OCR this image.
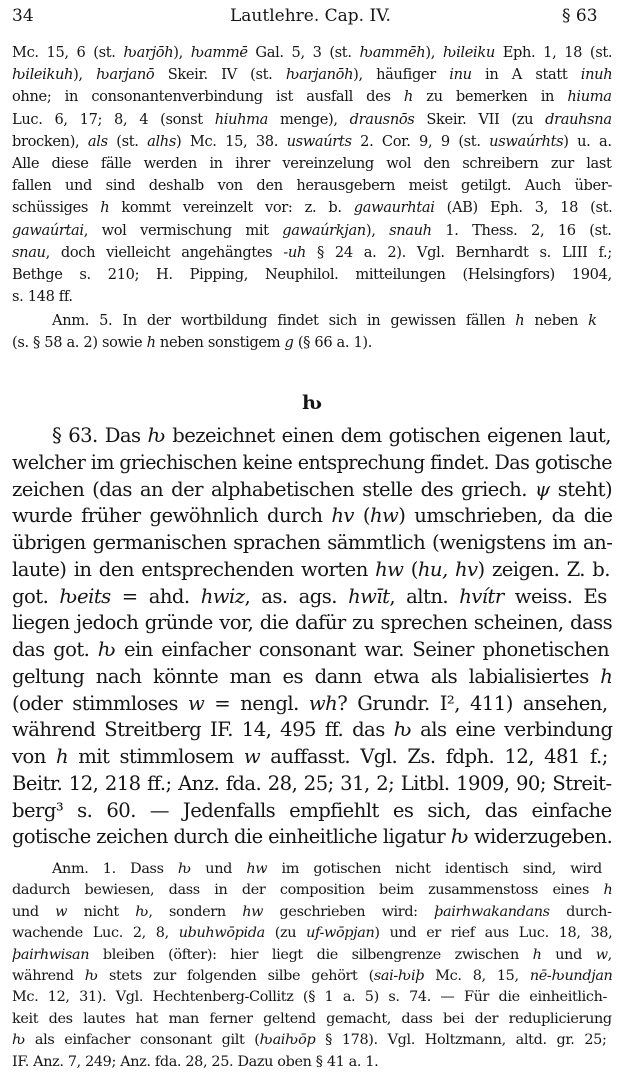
34	Lautlehre. Cap. IV.	§ 63
Mc. 15, 6 (st. ƕarjōh), ƕammē Gal. 5, 3 (st. ƕammēh), ƕileiku Eph. 1, 18 (st.
ƕileikuh), ƕarjanō Skeir. IV (st. ƕarjanōh), häufiger inu in A statt inuh
ohne; in consonantenverbindung ist ausfall des h zu bemerken in hiuma
Luc. 6, 17; 8, 4 (sonst hiuhma menge), drausnōs Skeir. VII (zu drauhsna
brocken), als (st. alhs) Mc. 15, 38. uswaúrts 2. Cor. 9, 9 (st. uswaúrhts) u. a.
Alle diese fälle werden in ihrer vereinzelung wol den schreibern zur last
fallen und sind deshalb von den herausgebern meist getilgt. Auch über-
schüssiges h kommt vereinzelt vor: z. b. gawaurhtai (AB) Eph. 3, 18 (st.
gawaúrtai, wol vermischung mit gawaúrkjan), snauh 1. Thess. 2, 16 (st.
snau, doch vielleicht angehängtes -uh § 24 a. 2). Vgl. Bernhardt s. LIII f.;
Bethge s. 210; H. Pipping, Neuphilol. mitteilungen (Helsingfors) 1904,
s. 148 ff.
Anm. 5. In der wortbildung findet sich in gewissen fällen h neben k
(s. § 58 a. 2) sowie h neben sonstigem g (§ 66 a. 1).
ƕ
§ 63. Das ƕ bezeichnet einen dem gotischen eigenen laut,
welcher im griechischen keine entsprechung findet. Das gotische
zeichen (das an der alphabetischen stelle des griech. ψ steht)
wurde früher gewöhnlich durch hv (hw) umschrieben, da die
übrigen germanischen sprachen sämmtlich (wenigstens im an-
laute) in den entsprechenden worten hw (hu, hv) zeigen. Z. b.
got. ƕeits = ahd. hwiz, as. ags. hwīt, altn. hvítr weiss. Es
liegen jedoch gründe vor, die dafür zu sprechen scheinen, dass
das got. ƕ ein einfacher consonant war. Seiner phonetischen
geltung nach könnte man es dann etwa als labialisiertes h
(oder stimmloses w = nengl. wh? Grundr. I², 411) ansehen,
während Streitberg IF. 14, 495 ff. das ƕ als eine verbindung
von h mit stimmlosem w auffasst. Vgl. Zs. fdph. 12, 481 f.;
Beitr. 12, 218 ff.; Anz. fda. 28, 25; 31, 2; Litbl. 1909, 90; Streit-
berg³ s. 60. — Jedenfalls empfiehlt es sich, das einfache
gotische zeichen durch die einheitliche ligatur ƕ widerzugeben.
Anm. 1. Dass ƕ und hw im gotischen nicht identisch sind, wird
dadurch bewiesen, dass in der composition beim zusammenstoss eines h
und w nicht ƕ, sondern hw geschrieben wird: þairhwakandans durch-
wachende Luc. 2, 8, ubuhwōpida (zu uf-wōpjan) und er rief aus Luc. 18, 38,
þairhwisan bleiben (öfter): hier liegt die silbengrenze zwischen h und w,
während ƕ stets zur folgenden silbe gehört (sai-ƕiþ Mc. 8, 15, nē-ƕundjan
Mc. 12, 31). Vgl. Hechtenberg-Collitz (§ 1 a. 5) s. 74. — Für die einheitlich-
keit des lautes hat man ferner geltend gemacht, dass bei der reduplicierung
ƕ als einfacher consonant gilt (ƕaiƕōp § 178). Vgl. Holtzmann, altd. gr. 25;
IF. Anz. 7, 249; Anz. fda. 28, 25. Dazu oben § 41 a. 1.
